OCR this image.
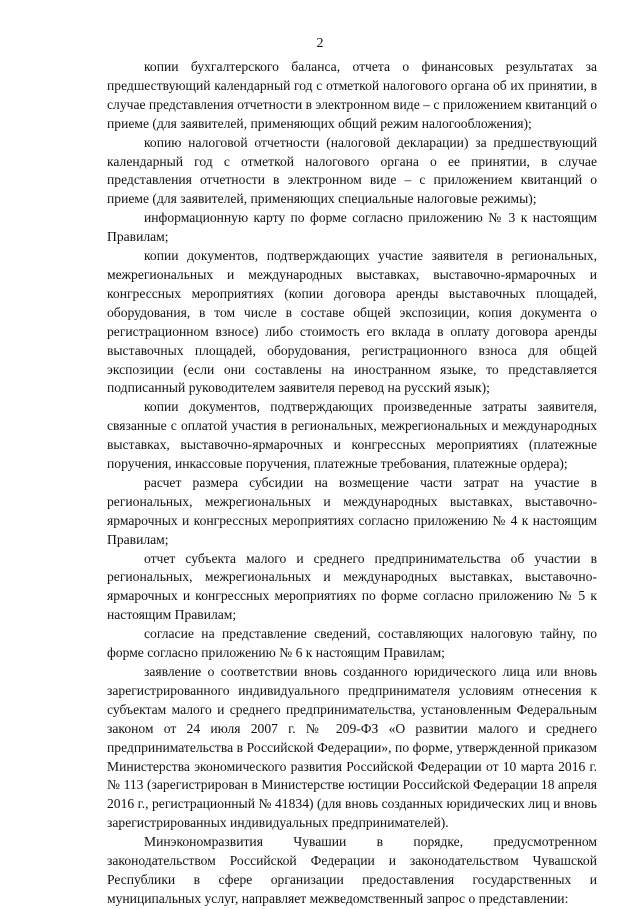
2

копии бухгалтерского баланса, отчета о финансовых результатах за предшествующий календарный год с отметкой налогового органа об их принятии, в случае представления отчетности в электронном виде – с приложением квитанций о приеме (для заявителей, применяющих общий режим налогообложения);

копию налоговой отчетности (налоговой декларации) за предшествующий календарный год с отметкой налогового органа о ее принятии, в случае представления отчетности в электронном виде – с приложением квитанций о приеме (для заявителей, применяющих специальные налоговые режимы);

информационную карту по форме согласно приложению № 3 к настоящим Правилам;

копии документов, подтверждающих участие заявителя в региональных, межрегиональных и международных выставках, выставочно-ярмарочных и конгрессных мероприятиях (копии договора аренды выставочных площадей, оборудования, в том числе в составе общей экспозиции, копия документа о регистрационном взносе) либо стоимость его вклада в оплату договора аренды выставочных площадей, оборудования, регистрационного взноса для общей экспозиции (если они составлены на иностранном языке, то представляется подписанный руководителем заявителя перевод на русский язык);

копии документов, подтверждающих произведенные затраты заявителя, связанные с оплатой участия в региональных, межрегиональных и международных выставках, выставочно-ярмарочных и конгрессных мероприятиях (платежные поручения, инкассовые поручения, платежные требования, платежные ордера);

расчет размера субсидии на возмещение части затрат на участие в региональных, межрегиональных и международных выставках, выставочно-ярмарочных и конгрессных мероприятиях согласно приложению № 4 к настоящим Правилам;

отчет субъекта малого и среднего предпринимательства об участии в региональных, межрегиональных и международных выставках, выставочно-ярмарочных и конгрессных мероприятиях по форме согласно приложению № 5 к настоящим Правилам;

согласие на представление сведений, составляющих налоговую тайну, по форме согласно приложению № 6 к настоящим Правилам;

заявление о соответствии вновь созданного юридического лица или вновь зарегистрированного индивидуального предпринимателя условиям отнесения к субъектам малого и среднего предпринимательства, установленным Федеральным законом от 24 июля 2007 г. № 209-ФЗ «О развитии малого и среднего предпринимательства в Российской Федерации», по форме, утвержденной приказом Министерства экономического развития Российской Федерации от 10 марта 2016 г. № 113 (зарегистрирован в Министерстве юстиции Российской Федерации 18 апреля 2016 г., регистрационный № 41834) (для вновь созданных юридических лиц и вновь зарегистрированных индивидуальных предпринимателей).

Минэкономразвития Чувашии в порядке, предусмотренном законодательством Российской Федерации и законодательством Чувашской Республики в сфере организации предоставления государственных и муниципальных услуг, направляет межведомственный запрос о представлении:
